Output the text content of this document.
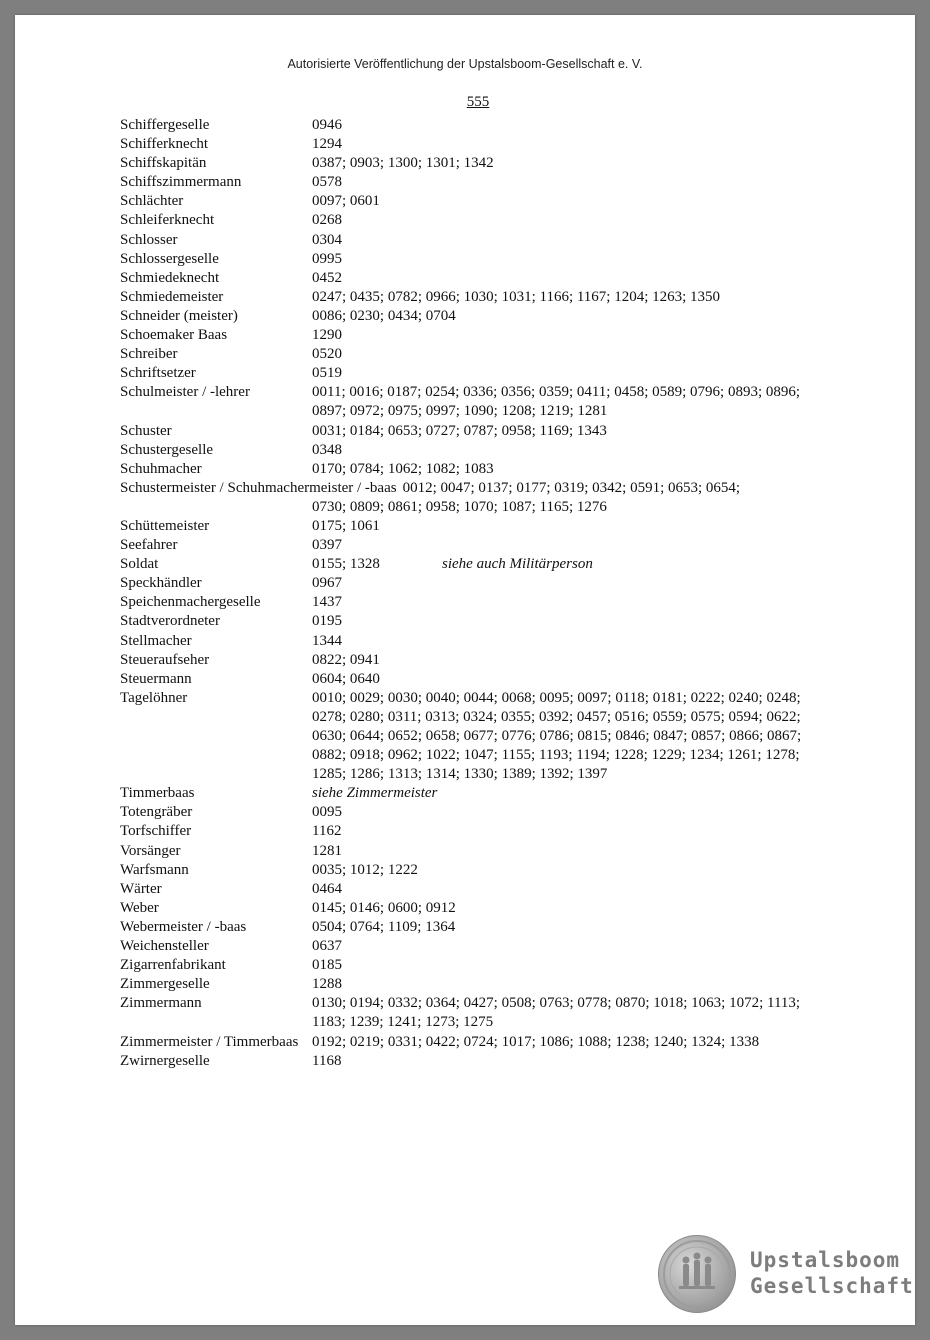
Autorisierte Veröffentlichung der Upstalsboom-Gesellschaft e. V.
555
Schiffergeselle	0946
Schifferknecht	1294
Schiffskapitän	0387; 0903; 1300; 1301; 1342
Schiffszimmermann	0578
Schlächter	0097; 0601
Schleiferknecht	0268
Schlosser	0304
Schlossergeselle	0995
Schmiedeknecht	0452
Schmiedemeister	0247; 0435; 0782; 0966; 1030; 1031; 1166; 1167; 1204; 1263; 1350
Schneider (meister)	0086; 0230; 0434; 0704
Schoemaker Baas	1290
Schreiber	0520
Schriftsetzer	0519
Schulmeister / -lehrer	0011; 0016; 0187; 0254; 0336; 0356; 0359; 0411; 0458; 0589; 0796; 0893; 0896; 0897; 0972; 0975; 0997; 1090; 1208; 1219; 1281
Schuster	0031; 0184; 0653; 0727; 0787; 0958; 1169; 1343
Schustergeselle	0348
Schuhmacher	0170; 0784; 1062; 1082; 1083
Schustermeister / Schuhmachermeister / -baas 0012; 0047; 0137; 0177; 0319; 0342; 0591; 0653; 0654;
0730; 0809; 0861; 0958; 1070; 1087; 1165; 1276
Schüttemeister	0175; 1061
Seefahrer	0397
Soldat	0155; 1328	siehe auch Militärperson
Speckhändler	0967
Speichenmachergeselle	1437
Stadtverordneter	0195
Stellmacher	1344
Steueraufseher	0822; 0941
Steuermann	0604; 0640
Tagelöhner	0010; 0029; 0030; 0040; 0044; 0068; 0095; 0097; 0118; 0181; 0222; 0240; 0248; 0278; 0280; 0311; 0313; 0324; 0355; 0392; 0457; 0516; 0559; 0575; 0594; 0622; 0630; 0644; 0652; 0658; 0677; 0776; 0786; 0815; 0846; 0847; 0857; 0866; 0867; 0882; 0918; 0962; 1022; 1047; 1155; 1193; 1194; 1228; 1229; 1234; 1261; 1278; 1285; 1286; 1313; 1314; 1330; 1389; 1392; 1397
Timmerbaas	siehe Zimmermeister
Totengräber	0095
Torfschiffer	1162
Vorsänger	1281
Warfsmann	0035; 1012; 1222
Wärter	0464
Weber	0145; 0146; 0600; 0912
Webermeister / -baas	0504; 0764; 1109; 1364
Weichensteller	0637
Zigarrenfabrikant	0185
Zimmergeselle	1288
Zimmermann	0130; 0194; 0332; 0364; 0427; 0508; 0763; 0778; 0870; 1018; 1063; 1072; 1113; 1183; 1239; 1241; 1273; 1275
Zimmermeister / Timmerbaas 0192; 0219; 0331; 0422; 0724; 1017; 1086; 1088; 1238; 1240; 1324; 1338
Zwirnergeselle	1168
Upstalsboom
Gesellschaft
